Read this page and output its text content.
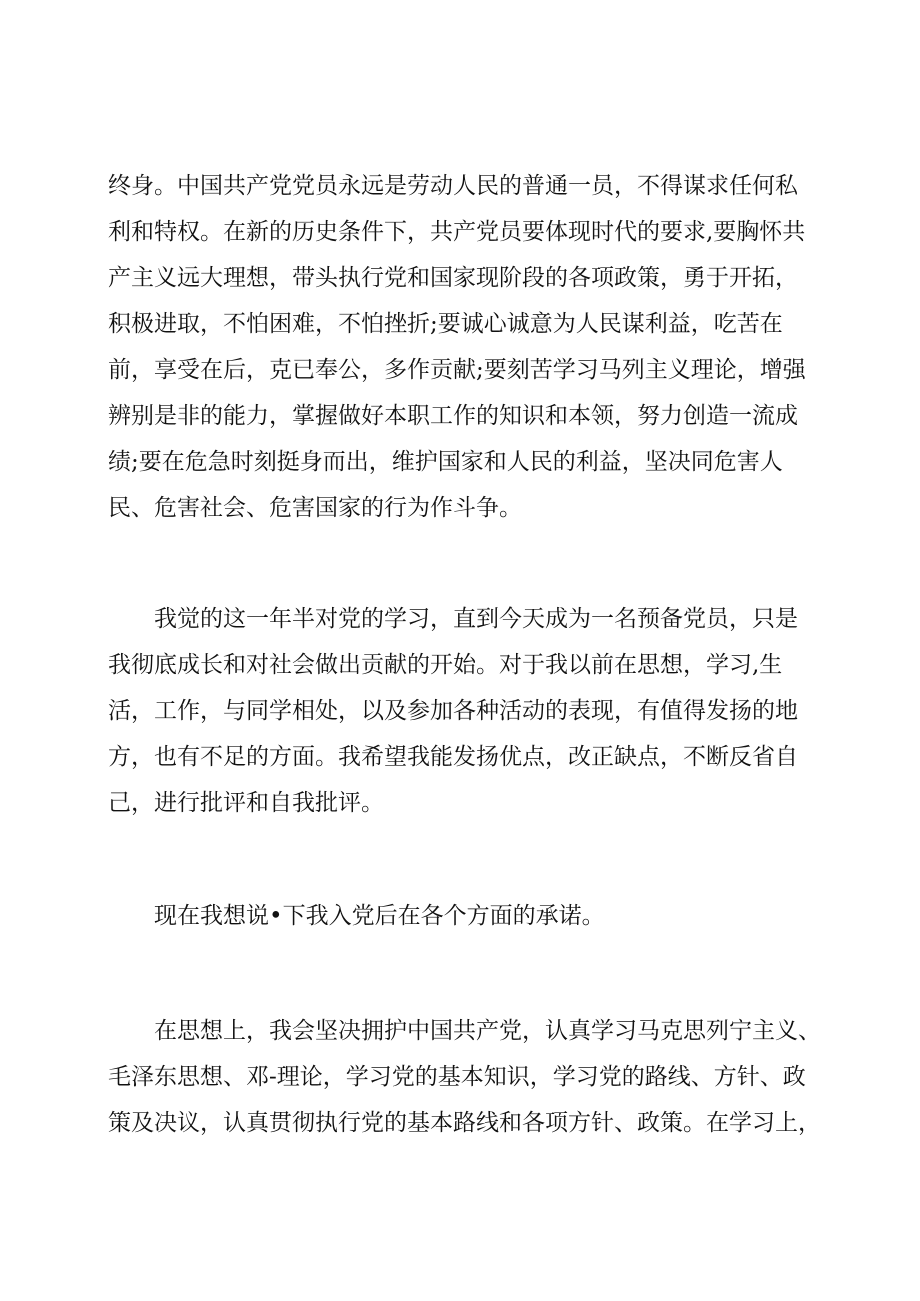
终身。中国共产党党员永远是劳动人民的普通一员，不得谋求任何私
利和特权。在新的历史条件下，共产党员要体现时代的要求,要胸怀共
产主义远大理想，带头执行党和国家现阶段的各项政策，勇于开拓，
积极进取，不怕困难，不怕挫折;要诚心诚意为人民谋利益，吃苦在
前，享受在后，克已奉公，多作贡献;要刻苦学习马列主义理论，增强
辨别是非的能力，掌握做好本职工作的知识和本领，努力创造一流成
绩;要在危急时刻挺身而出，维护国家和人民的利益，坚决同危害人
民、危害社会、危害国家的行为作斗争。
我觉的这一年半对党的学习，直到今天成为一名预备党员，只是
我彻底成长和对社会做出贡献的开始。对于我以前在思想，学习,生
活，工作，与同学相处，以及参加各种活动的表现，有值得发扬的地
方，也有不足的方面。我希望我能发扬优点，改正缺点，不断反省自
己，进行批评和自我批评。
现在我想说•下我入党后在各个方面的承诺。
在思想上，我会坚决拥护中国共产党，认真学习马克思列宁主义、
毛泽东思想、邓-理论，学习党的基本知识，学习党的路线、方针、政
策及决议，认真贯彻执行党的基本路线和各项方针、政策。在学习上，
